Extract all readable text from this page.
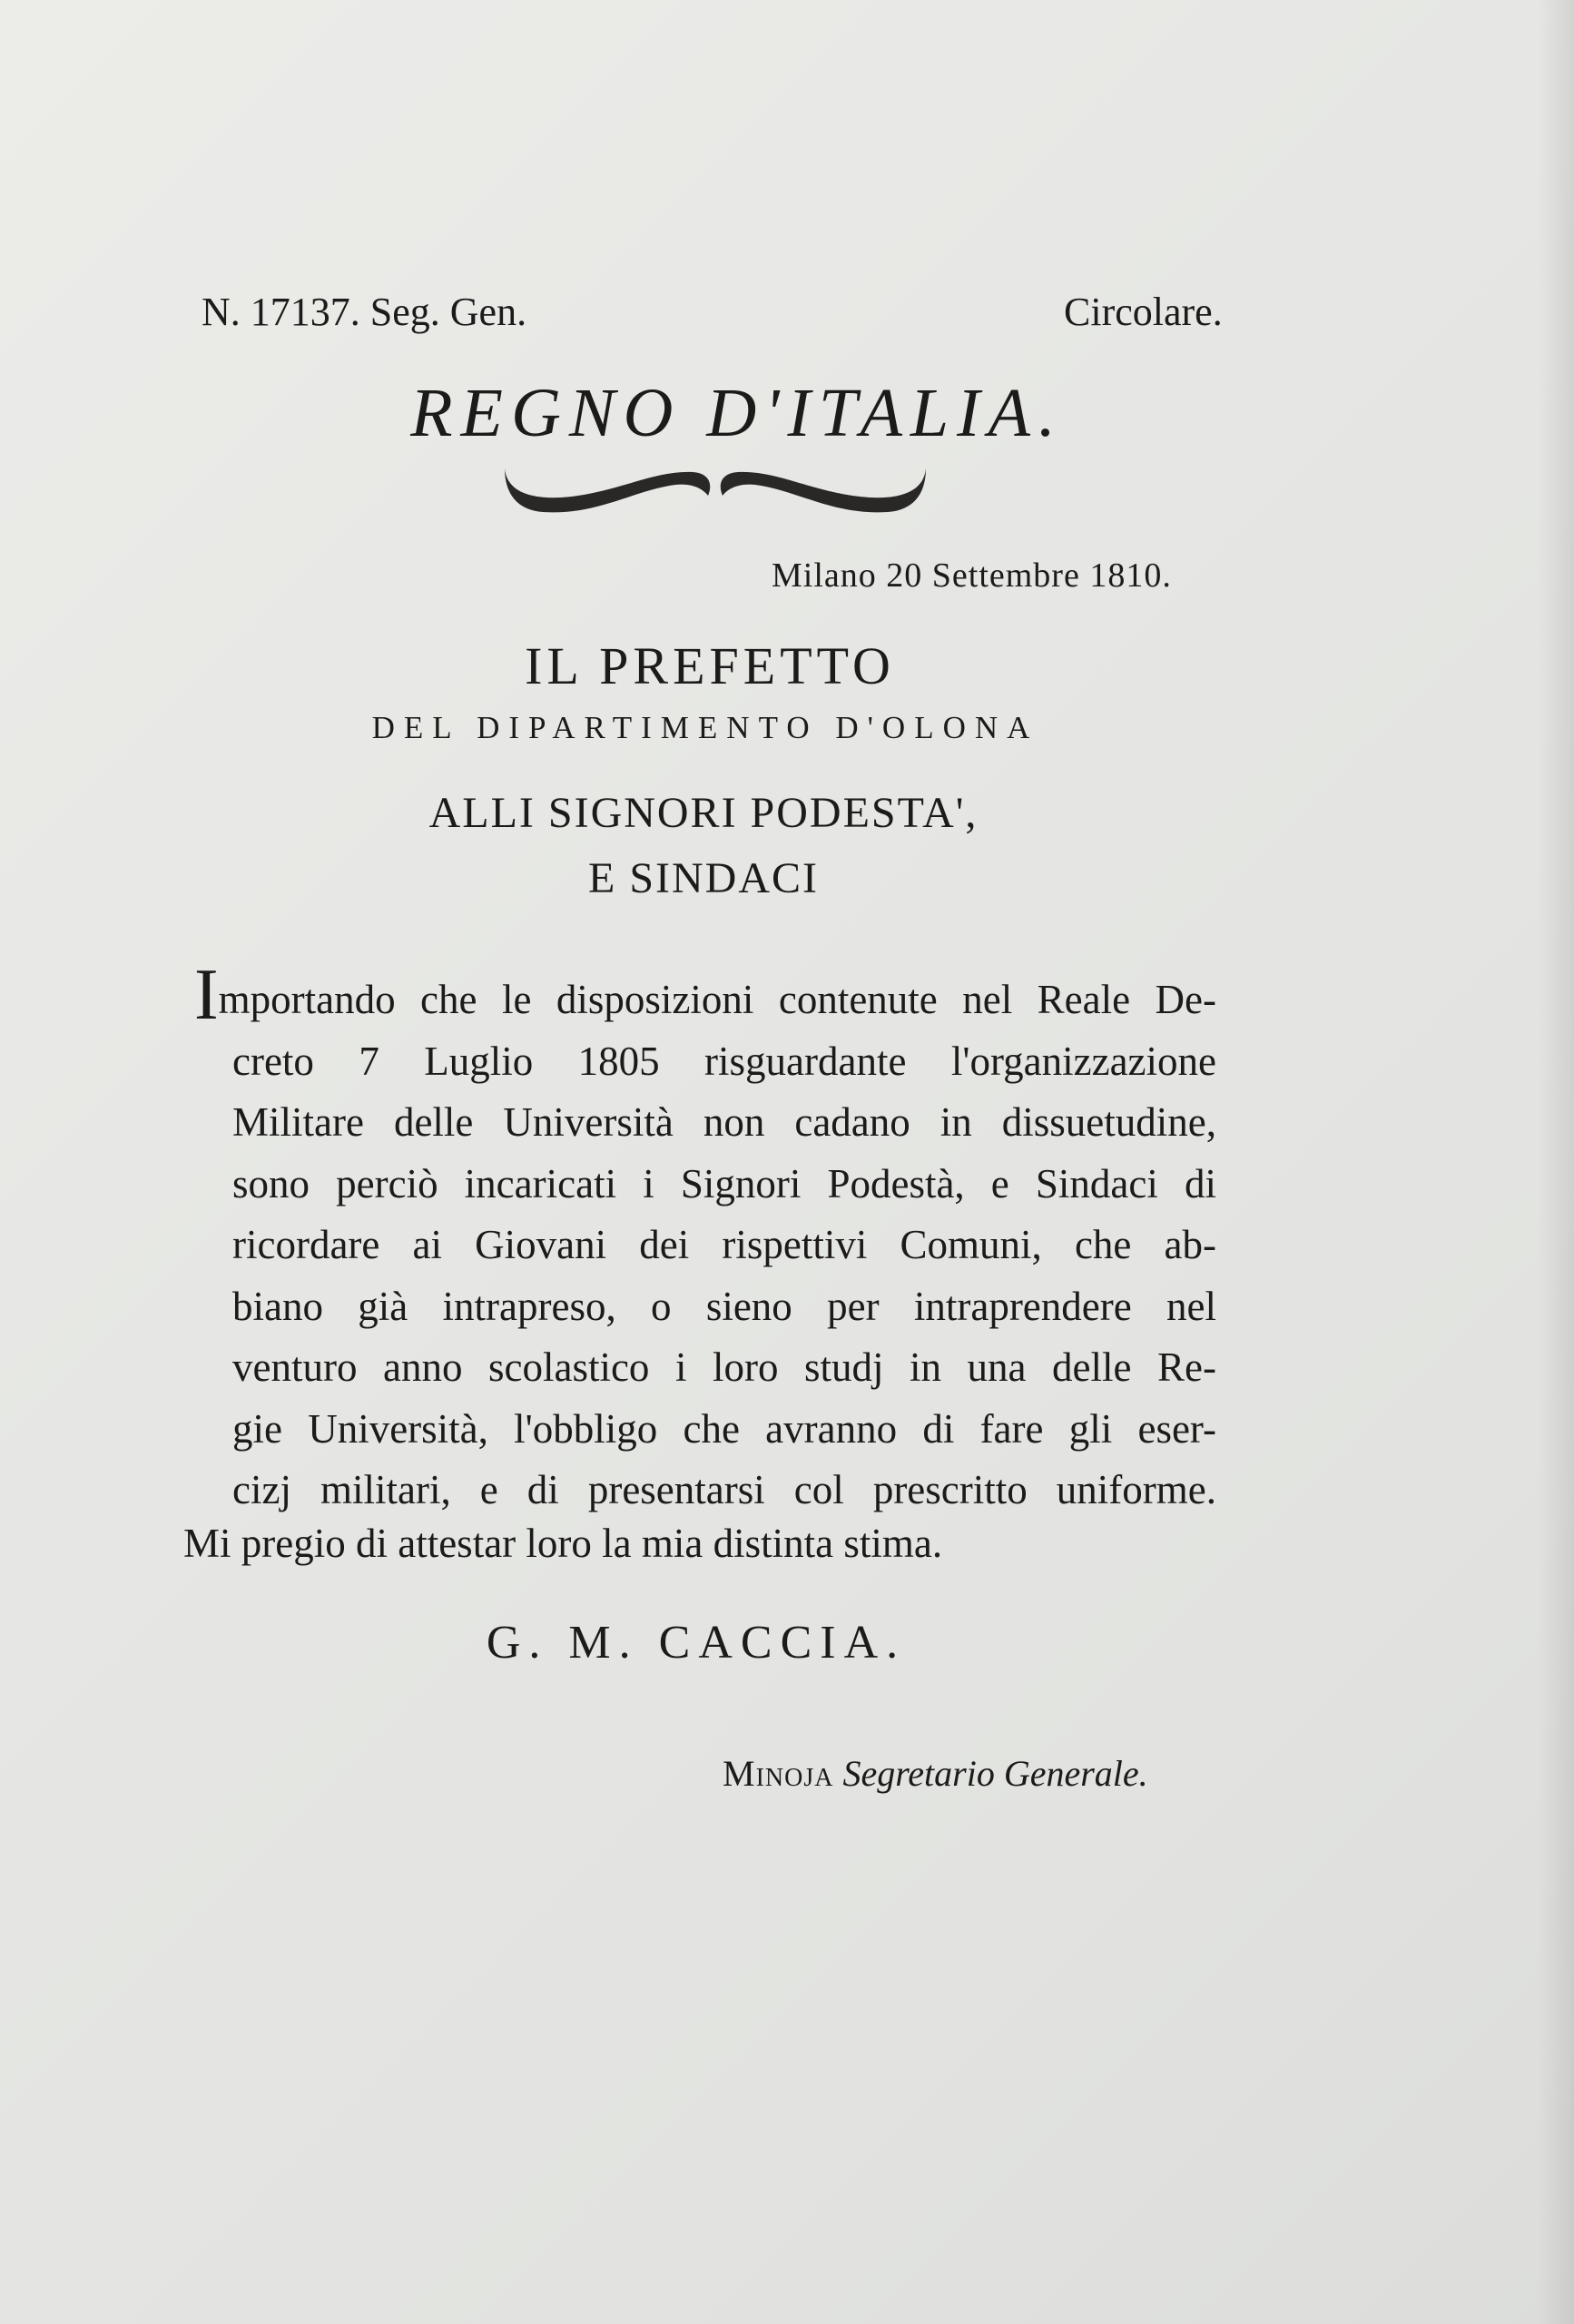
N. 17137. Seg. Gen.	Circolare.
REGNO D'ITALIA.
Milano 20 Settembre 1810.
IL PREFETTO
DEL DIPARTIMENTO D'OLONA
ALLI SIGNORI PODESTA',
E SINDACI
Importando che le disposizioni contenute nel Reale De-
creto 7 Luglio 1805 risguardante l'organizzazione
Militare delle Università non cadano in dissuetudine,
sono perciò incaricati i Signori Podestà, e Sindaci di
ricordare ai Giovani dei rispettivi Comuni, che ab-
biano già intrapreso, o sieno per intraprendere nel
venturo anno scolastico i loro studj in una delle Re-
gie Università, l'obbligo che avranno di fare gli eser-
cizj militari, e di presentarsi col prescritto uniforme.
Mi pregio di attestar loro la mia distinta stima.
G. M. CACCIA.
Minoja Segretario Generale.
